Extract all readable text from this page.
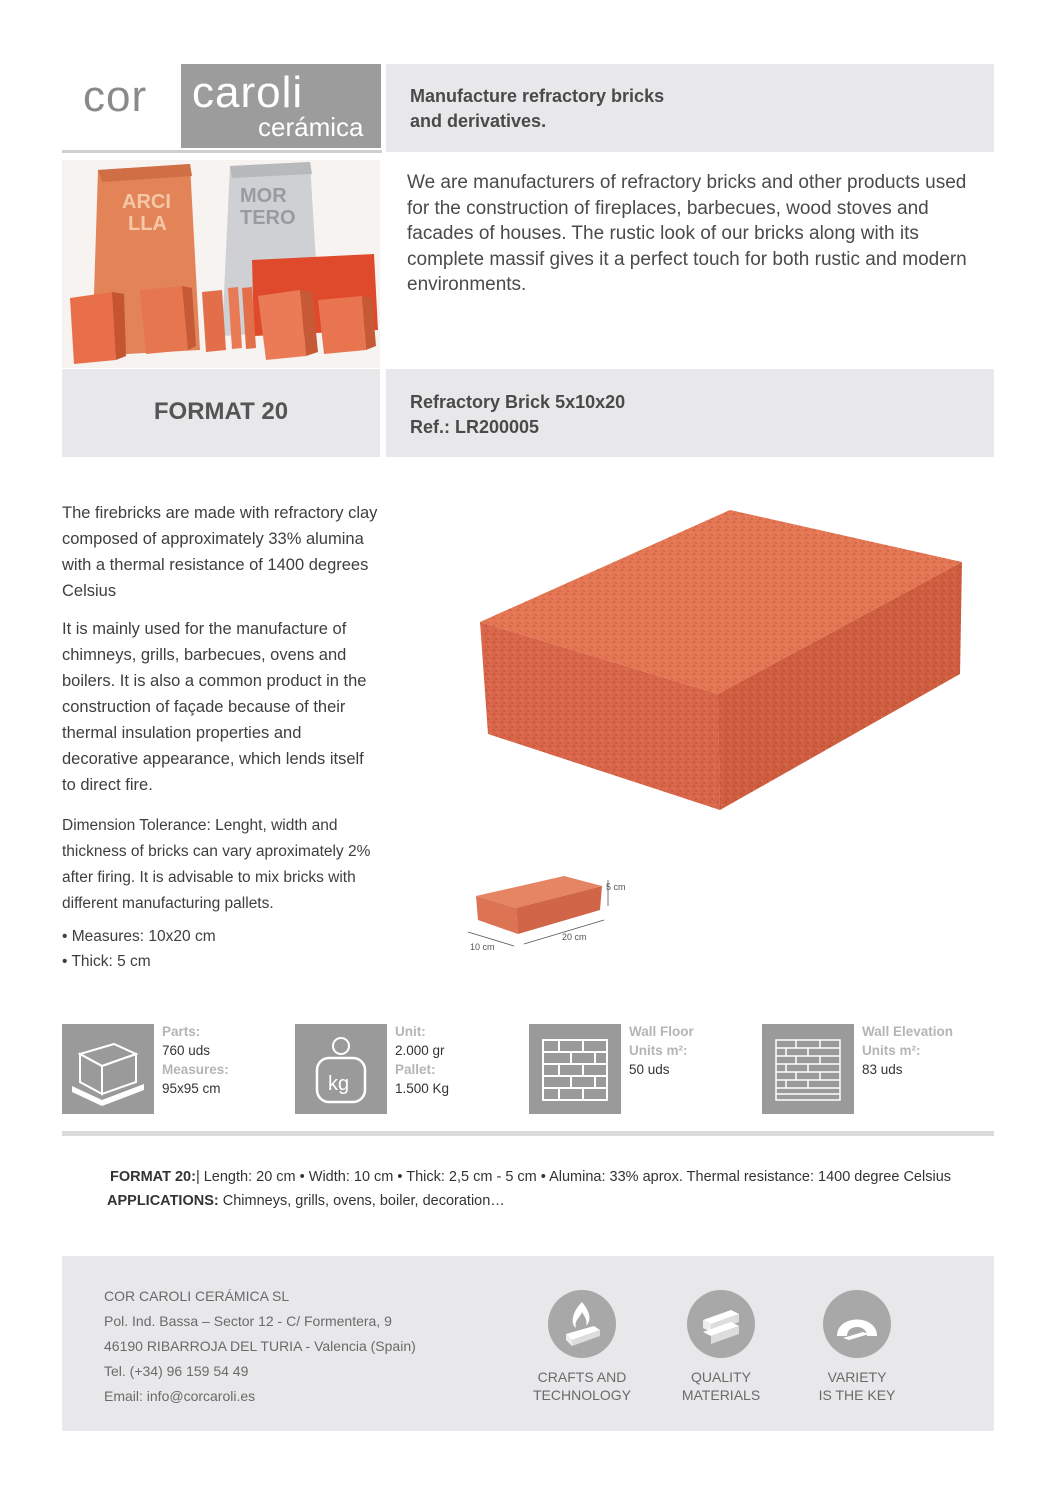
cor caroli
cerámica
Manufacture refractory bricks
and derivatives.
ARCI
LLA
MOR
TERO
We are manufacturers of refractory bricks and other products used for the construction of fireplaces, barbecues, wood stoves and facades of houses. The rustic look of our bricks along with its complete massif gives it a perfect touch for both rustic and modern environments.
FORMAT 20	Refractory Brick 5x10x20
Ref.: LR200005
The firebricks are made with refractory clay composed of approximately 33% alumina with a thermal resistance of 1400 degrees Celsius
It is mainly used for the manufacture of chimneys, grills, barbecues, ovens and boilers. It is also a common product in the construction of façade because of their thermal insulation properties and decorative appearance, which lends itself to direct fire.
Dimension Tolerance: Lenght, width and thickness of bricks can vary aproximately 2% after firing. It is advisable to mix bricks with different manufacturing pallets.
• Measures: 10x20 cm
• Thick: 5 cm
5 cm
20 cm
10 cm
Parts:
760 uds
Measures:
95x95 cm	kg
Unit:
2.000 gr
Pallet:
1.500 Kg
Wall Floor
Units m²:
50 uds
Wall Elevation
Units m²:
83 uds
FORMAT 20:| Length: 20 cm • Width: 10 cm • Thick: 2,5 cm - 5 cm • Alumina: 33% aprox. Thermal resistance: 1400 degree Celsius
APPLICATIONS: Chimneys, grills, ovens, boiler, decoration…
COR CAROLI CERÁMICA SL
Pol. Ind. Bassa – Sector 12 - C/ Formentera, 9
46190 RIBARROJA DEL TURIA - Valencia (Spain)
Tel. (+34) 96 159 54 49
Email: info@corcaroli.es
CRAFTS AND
TECHNOLOGY
QUALITY
MATERIALS
VARIETY
IS THE KEY
